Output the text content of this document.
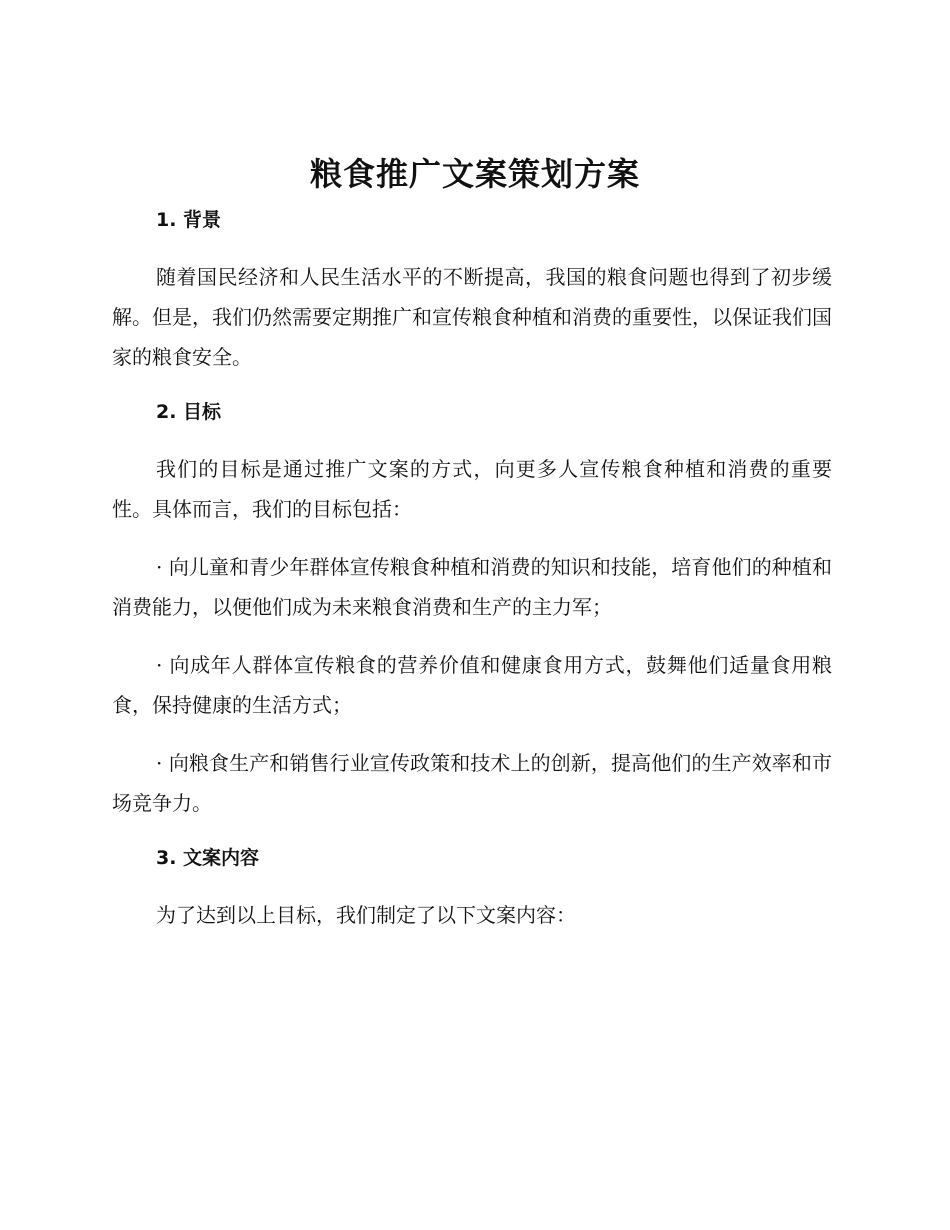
粮食推广文案策划方案

1. 背景

随着国民经济和人民生活水平的不断提高，我国的粮食问题也得到了初步缓解。但是，我们仍然需要定期推广和宣传粮食种植和消费的重要性，以保证我们国家的粮食安全。

2. 目标

我们的目标是通过推广文案的方式，向更多人宣传粮食种植和消费的重要性。具体而言，我们的目标包括：

· 向儿童和青少年群体宣传粮食种植和消费的知识和技能，培育他们的种植和消费能力，以便他们成为未来粮食消费和生产的主力军；

· 向成年人群体宣传粮食的营养价值和健康食用方式，鼓舞他们适量食用粮食，保持健康的生活方式；

· 向粮食生产和销售行业宣传政策和技术上的创新，提高他们的生产效率和市场竞争力。

3. 文案内容

为了达到以上目标，我们制定了以下文案内容：
